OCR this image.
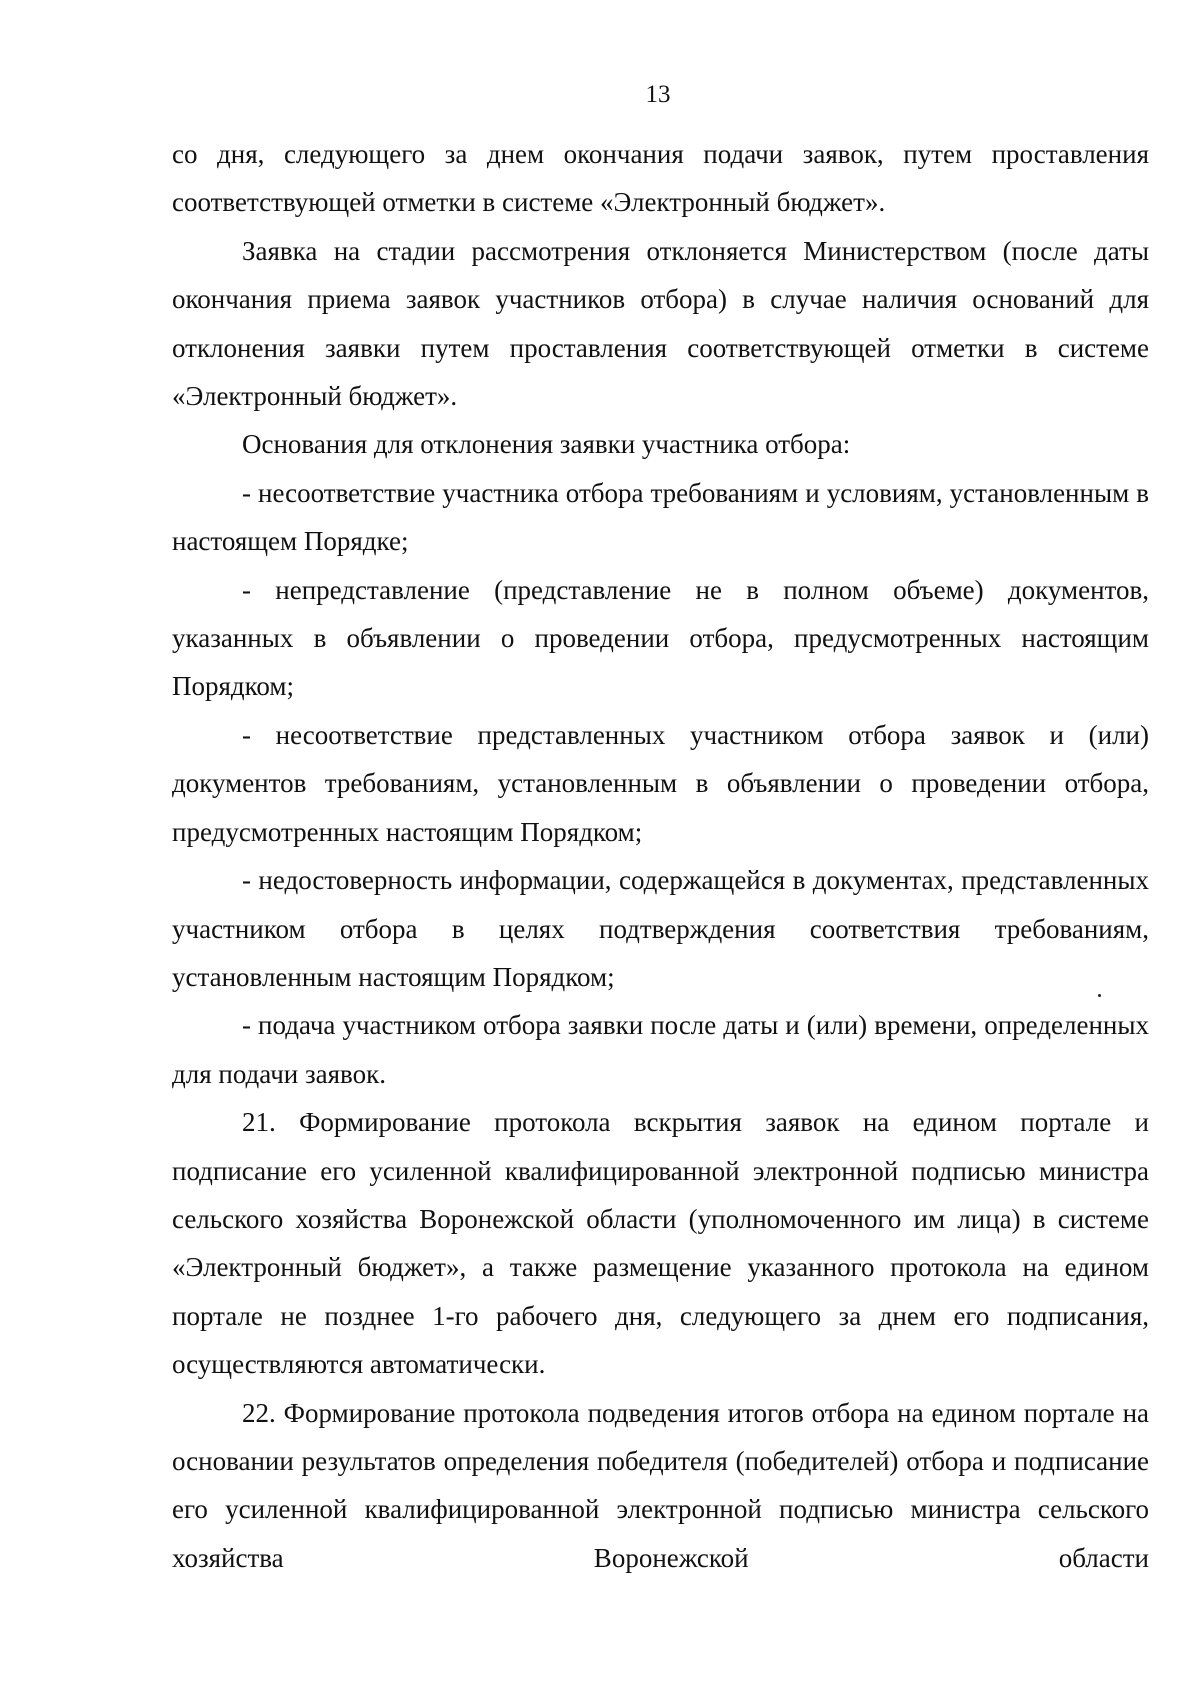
13

со дня, следующего за днем окончания подачи заявок, путем проставления соответствующей отметки в системе «Электронный бюджет».

Заявка на стадии рассмотрения отклоняется Министерством (после даты окончания приема заявок участников отбора) в случае наличия оснований для отклонения заявки путем проставления соответствующей отметки в системе «Электронный бюджет».

Основания для отклонения заявки участника отбора:

- несоответствие участника отбора требованиям и условиям, установленным в настоящем Порядке;

- непредставление (представление не в полном объеме) документов, указанных в объявлении о проведении отбора, предусмотренных настоящим Порядком;

- несоответствие представленных участником отбора заявок и (или) документов требованиям, установленным в объявлении о проведении отбора, предусмотренных настоящим Порядком;

- недостоверность информации, содержащейся в документах, представленных участником отбора в целях подтверждения соответствия требованиям, установленным настоящим Порядком;

- подача участником отбора заявки после даты и (или) времени, определенных для подачи заявок.

21. Формирование протокола вскрытия заявок на едином портале и подписание его усиленной квалифицированной электронной подписью министра сельского хозяйства Воронежской области (уполномоченного им лица) в системе «Электронный бюджет», а также размещение указанного протокола на едином портале не позднее 1-го рабочего дня, следующего за днем его подписания, осуществляются автоматически.

22. Формирование протокола подведения итогов отбора на едином портале на основании результатов определения победителя (победителей) отбора и подписание его усиленной квалифицированной электронной подписью министра сельского хозяйства Воронежской области
